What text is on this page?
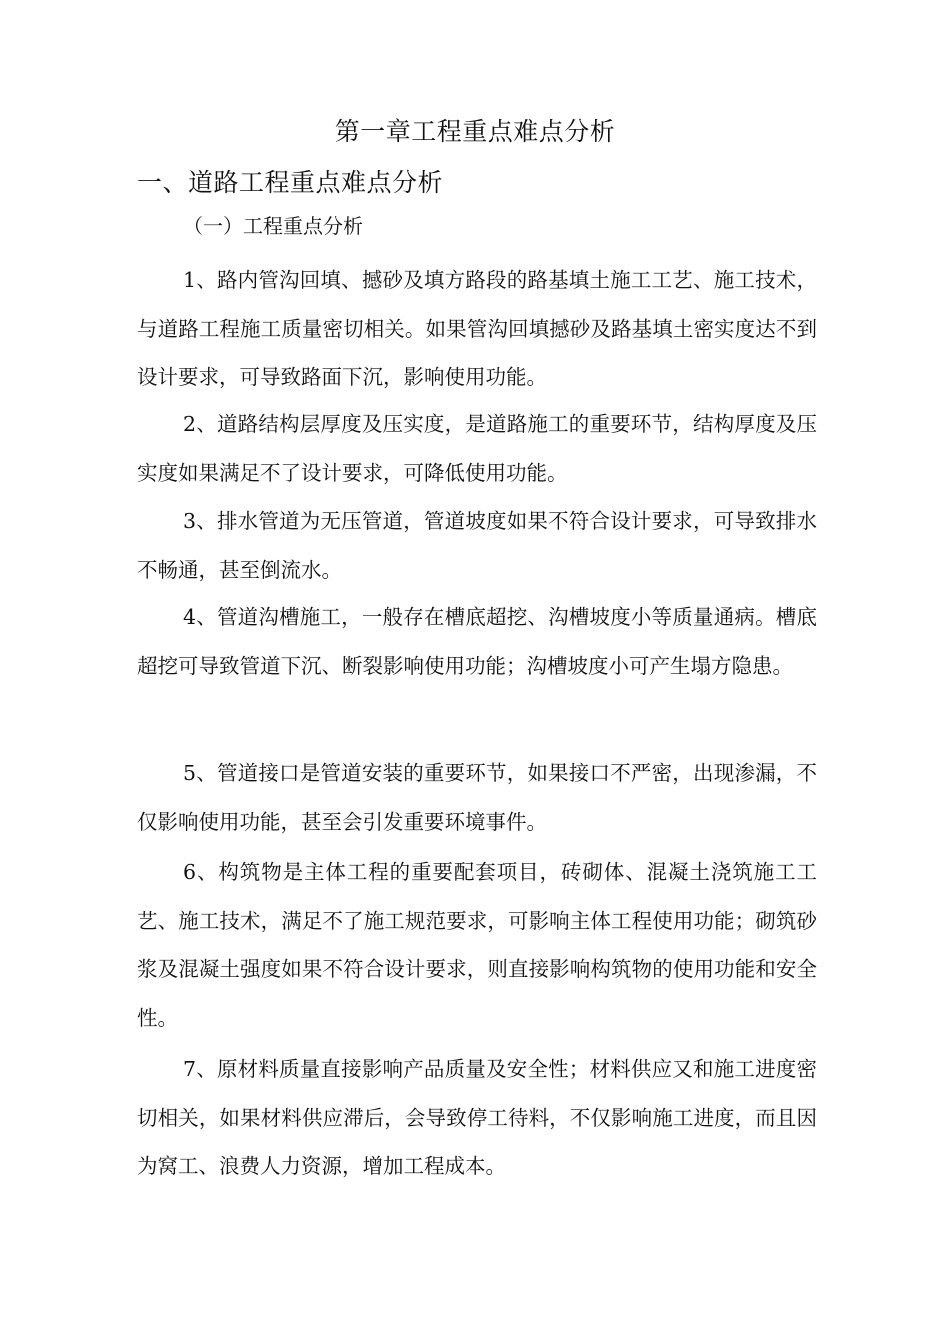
第一章工程重点难点分析
一、道路工程重点难点分析
（一）工程重点分析

1、路内管沟回填、撼砂及填方路段的路基填土施工工艺、施工技术，与道路工程施工质量密切相关。如果管沟回填撼砂及路基填土密实度达不到设计要求，可导致路面下沉，影响使用功能。

2、道路结构层厚度及压实度，是道路施工的重要环节，结构厚度及压实度如果满足不了设计要求，可降低使用功能。

3、排水管道为无压管道，管道坡度如果不符合设计要求，可导致排水不畅通，甚至倒流水。

4、管道沟槽施工，一般存在槽底超挖、沟槽坡度小等质量通病。槽底超挖可导致管道下沉、断裂影响使用功能；沟槽坡度小可产生塌方隐患。

5、管道接口是管道安装的重要环节，如果接口不严密，出现渗漏，不仅影响使用功能，甚至会引发重要环境事件。

6、构筑物是主体工程的重要配套项目，砖砌体、混凝土浇筑施工工艺、施工技术，满足不了施工规范要求，可影响主体工程使用功能；砌筑砂浆及混凝土强度如果不符合设计要求，则直接影响构筑物的使用功能和安全性。

7、原材料质量直接影响产品质量及安全性；材料供应又和施工进度密切相关，如果材料供应滞后，会导致停工待料，不仅影响施工进度，而且因为窝工、浪费人力资源，增加工程成本。
